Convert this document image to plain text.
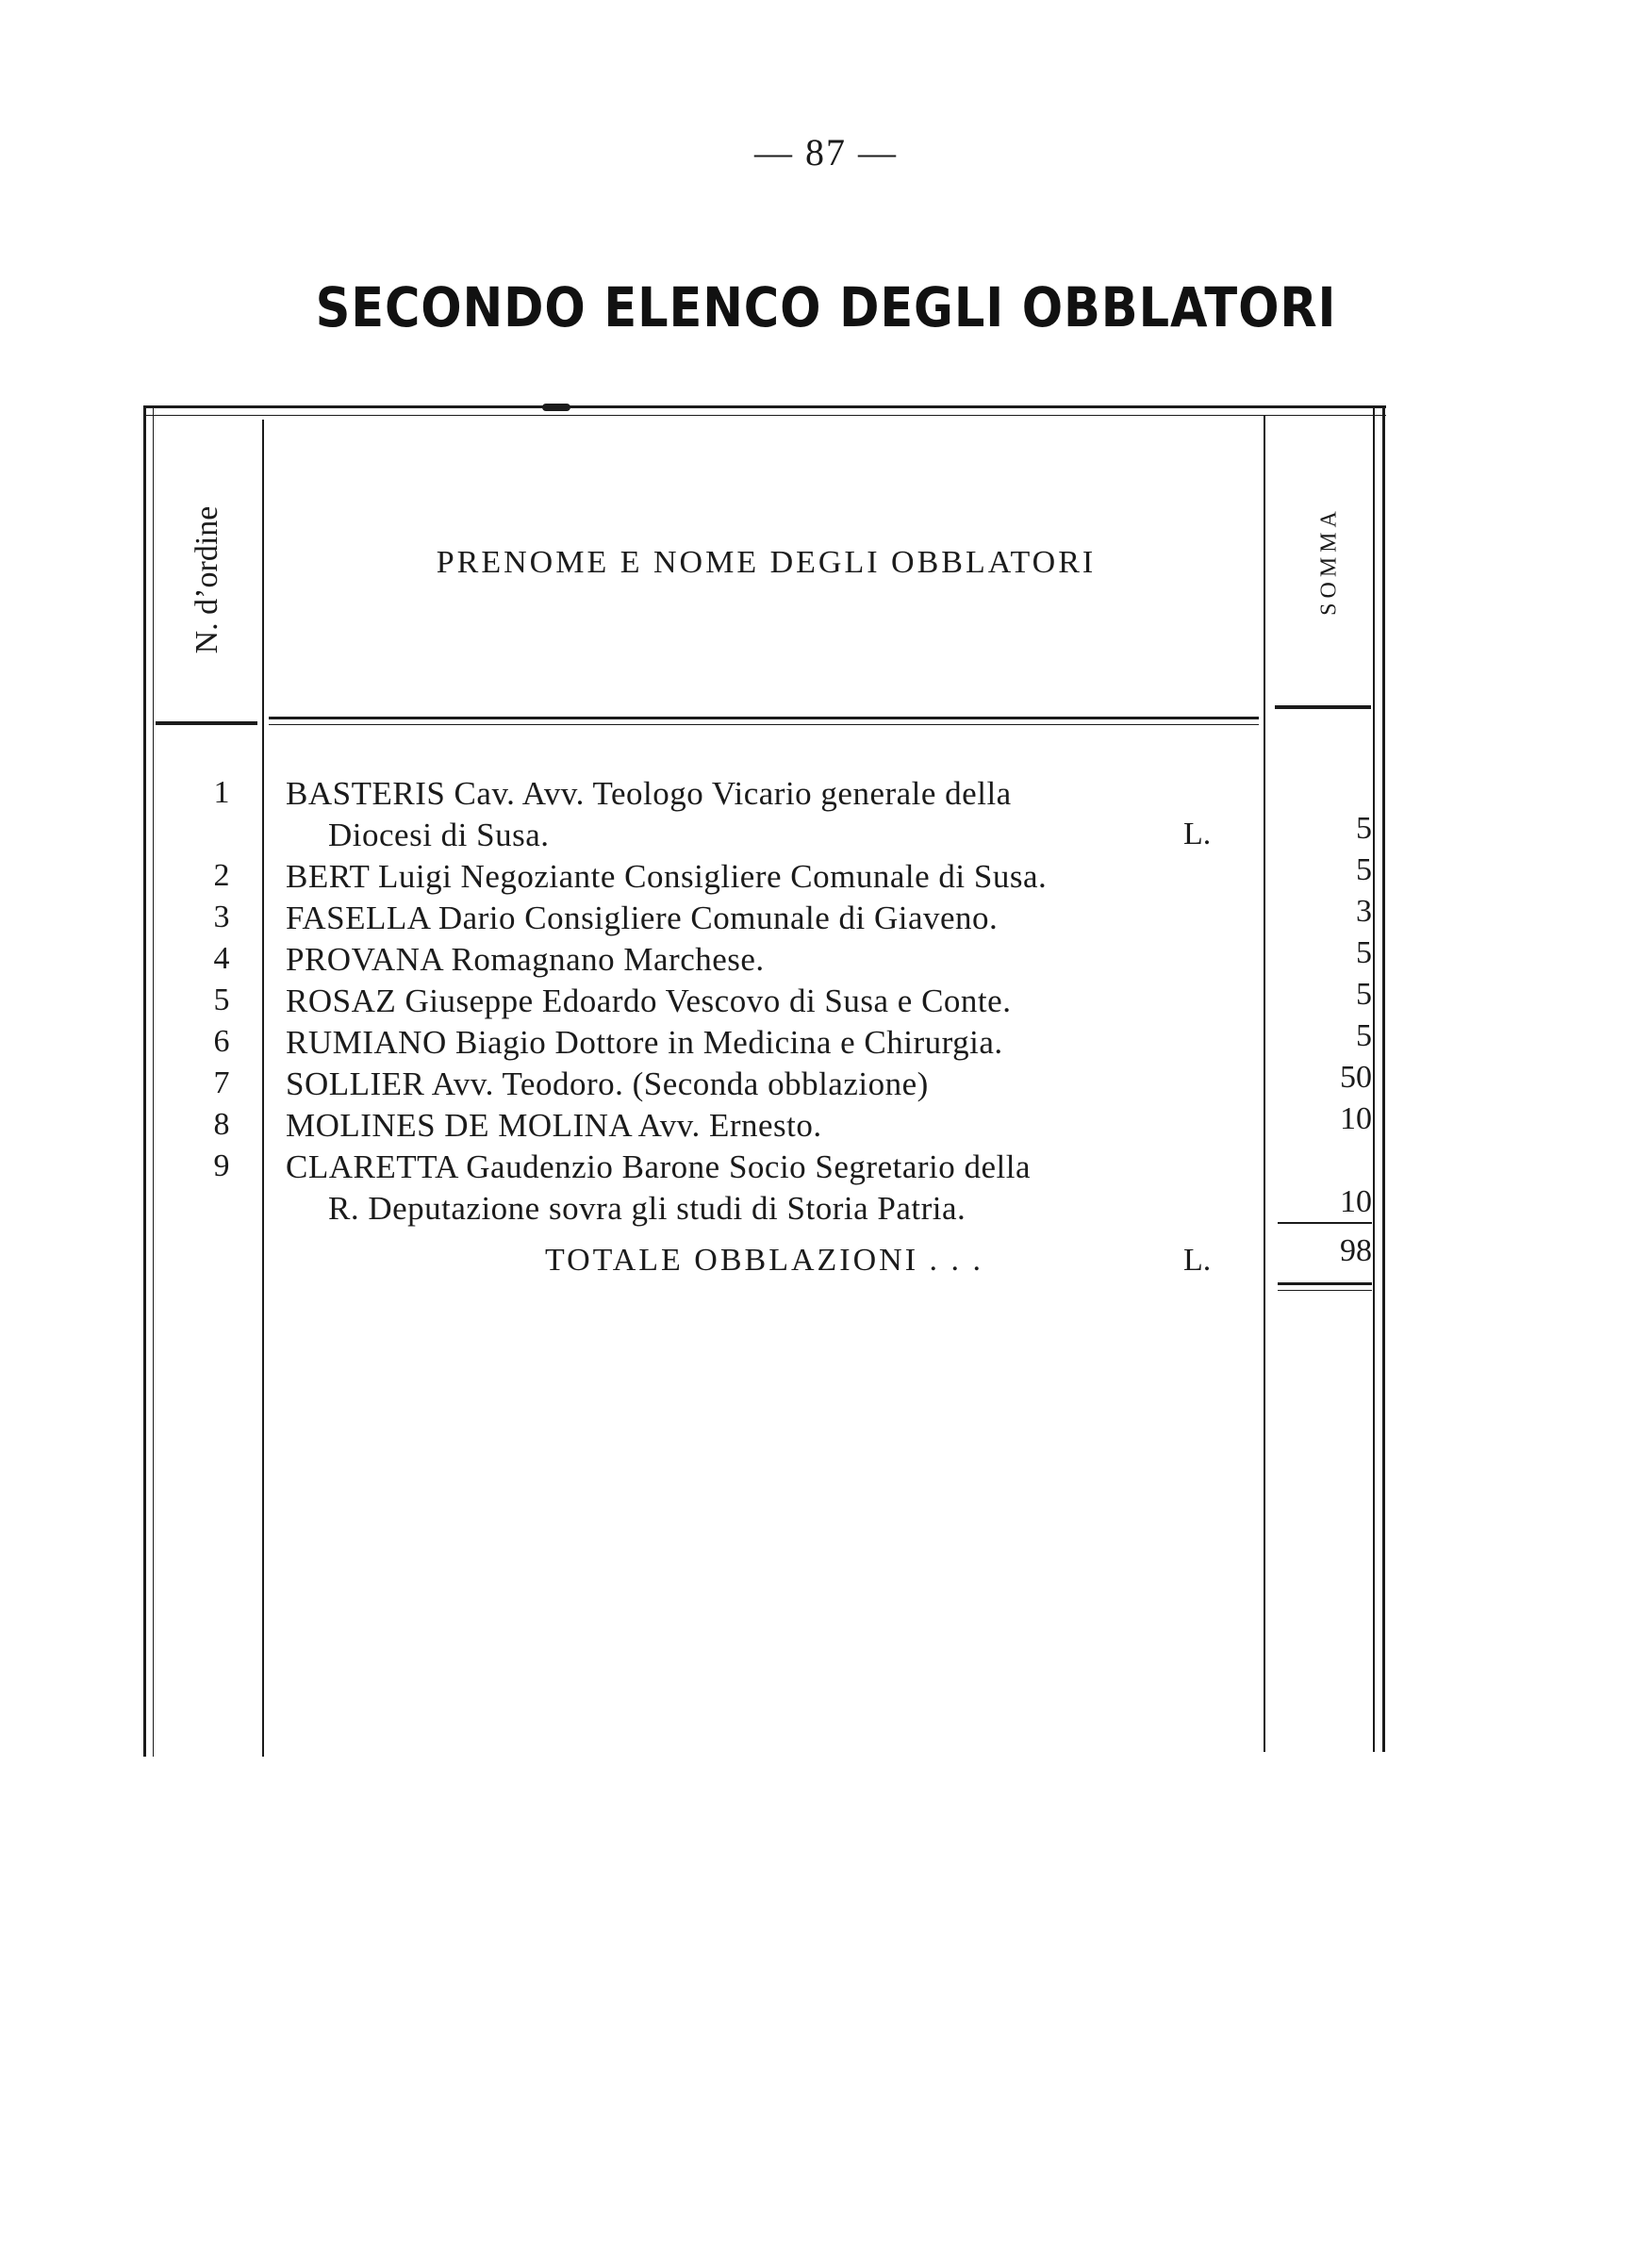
— 87 —
SECONDO ELENCO DEGLI OBBLATORI
N. d’ordine	PRENOME E NOME DEGLI OBBLATORI	SOMMA
1	BASTERIS Cav. Avv. Teologo Vicario generale della
Diocesi di Susa.	L.	5
2	BERT Luigi Negoziante Consigliere Comunale di Susa.	5
3	FASELLA Dario Consigliere Comunale di Giaveno.	3
4	PROVANA Romagnano Marchese.	5
5	ROSAZ Giuseppe Edoardo Vescovo di Susa e Conte.	5
6	RUMIANO Biagio Dottore in Medicina e Chirurgia.	5
7	SOLLIER Avv. Teodoro. (Seconda obblazione)	50
8	MOLINES DE MOLINA Avv. Ernesto.	10
9	CLARETTA Gaudenzio Barone Socio Segretario della
R. Deputazione sovra gli studi di Storia Patria.	10
TOTALE OBBLAZIONI . . .	L.	98
